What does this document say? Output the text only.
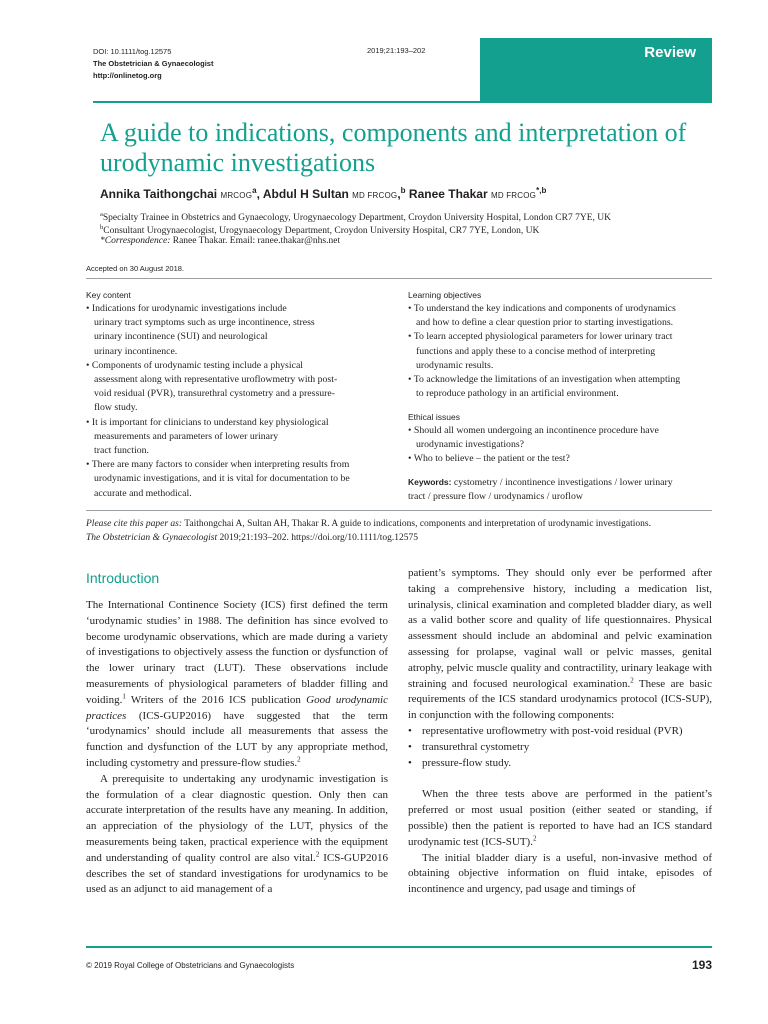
DOI: 10.1111/tog.12575
The Obstetrician & Gynaecologist
http://onlinetog.org
2019;21:193–202	Review
A guide to indications, components and interpretation of urodynamic investigations
Annika Taithongchai MRCOG$^a$, Abdul H Sultan MD FRCOG,$^b$ Ranee Thakar MD $FRCOG^{*,b}$
$^a$Specialty Trainee in Obstetrics and Gynaecology, Urogynaecology Department, Croydon University Hospital, London CR7 7YE, UK
$^b$Consultant Urogynaecologist, Urogynaecology Department, Croydon University Hospital, CR7 7YE, London, UK
*Correspondence: Ranee Thakar. Email: ranee.thakar@nhs.net
Accepted on 30 August 2018.
Key content

• Indications for urodynamic investigations include

urinary tract symptoms such as urge incontinence, stress

urinary incontinence (SUI) and neurological

urinary incontinence.

• Components of urodynamic testing include a physical

assessment along with representative uroflowmetry with post-

void residual (PVR), transurethral cystometry and a pressure-

flow study.

• It is important for clinicians to understand key physiological

measurements and parameters of lower urinary

tract function.

• There are many factors to consider when interpreting results from

urodynamic investigations, and it is vital for documentation to be

accurate and methodical.

Learning objectives

• To understand the key indications and components of urodynamics

and how to define a clear question prior to starting investigations.

• To learn accepted physiological parameters for lower urinary tract

functions and apply these to a concise method of interpreting

urodynamic results.

• To acknowledge the limitations of an investigation when attempting

to reproduce pathology in an artificial environment.

Ethical issues

• Should all women undergoing an incontinence procedure have

urodynamic investigations?

• Who to believe – the patient or the test?

Keywords: cystometry / incontinence investigations / lower urinary
tract / pressure flow / urodynamics / uroflow
Please cite this paper as: Taithongchai A, Sultan AH, Thakar R. A guide to indications, components and interpretation of urodynamic investigations.
The Obstetrician & Gynaecologist 2019;21:193–202. https://doi.org/10.1111/tog.12575
Introduction

The International Continence Society (ICS) first defined the term ‘urodynamic studies’ in 1988. The definition has since evolved to become urodynamic observations, which are made during a variety of investigations to objectively assess the function or dysfunction of the lower urinary tract (LUT). These observations include measurements of physiological parameters of bladder filling and voiding.$^1$ Writers of the 2016 ICS publication Good urodynamic practices (ICS-GUP2016) have suggested that the term ‘urodynamics’ should include all measurements that assess the function and dysfunction of the LUT by any appropriate method, including cystometry and pressure-flow studies.$^2$

A prerequisite to undertaking any urodynamic investigation is the formulation of a clear diagnostic question. Only then can accurate interpretation of the results have any meaning. In addition, an appreciation of the physiology of the LUT, physics of the measurements being taken, practical experience with the equipment and understanding of quality control are also vital.$^2$ ICS-GUP2016 describes the set of standard investigations for urodynamics to be used as an adjunct to aid management of a

patient’s symptoms. They should only ever be performed after taking a comprehensive history, including a medication list, urinalysis, clinical examination and completed bladder diary, as well as a valid bother score and quality of life questionnaires. Physical assessment should include an abdominal and pelvic examination assessing for prolapse, vaginal wall or pelvic masses, genital atrophy, pelvic muscle quality and contractility, urinary leakage with straining and focused neurological examination.$^2$ These are basic requirements of the ICS standard urodynamics protocol (ICS-SUP), in conjunction with the following components:

• representative uroflowmetry with post-void residual (PVR)

• transurethral cystometry

• pressure-flow study.

When the three tests above are performed in the patient’s preferred or most usual position (either seated or standing, if possible) then the patient is reported to have had an ICS standard urodynamic test (ICS-SUT).$^2$

The initial bladder diary is a useful, non-invasive method of obtaining objective information on fluid intake, episodes of incontinence and urgency, pad usage and timings of

© 2019 Royal College of Obstetricians and Gynaecologists	193
